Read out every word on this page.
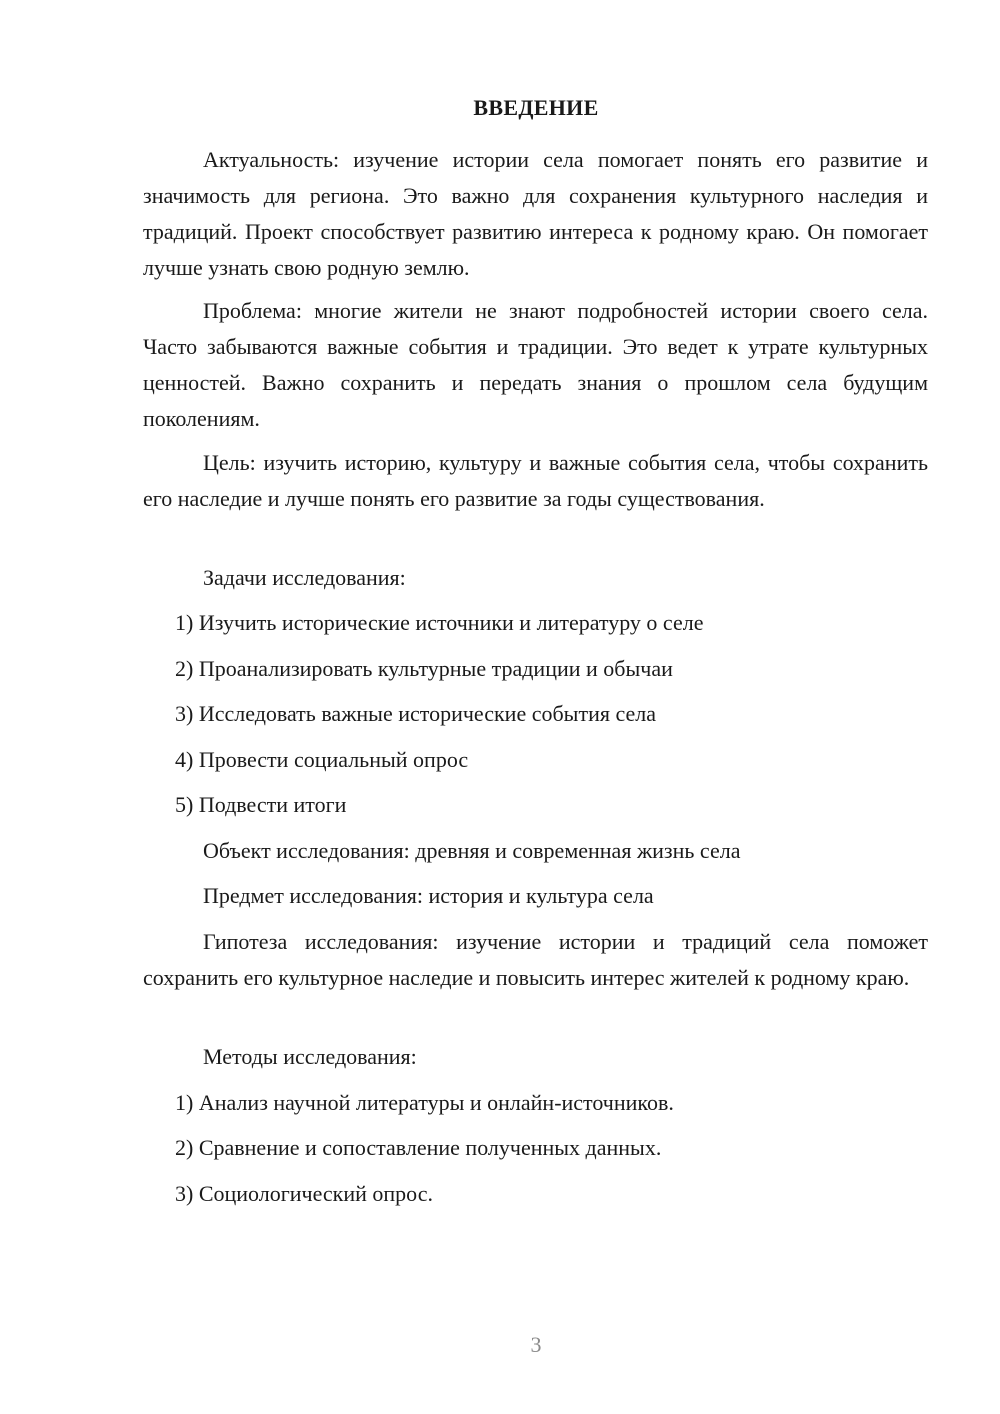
ВВЕДЕНИЕ

Актуальность: изучение истории села помогает понять его развитие и значимость для региона. Это важно для сохранения культурного наследия и традиций. Проект способствует развитию интереса к родному краю. Он помогает лучше узнать свою родную землю.

Проблема: многие жители не знают подробностей истории своего села. Часто забываются важные события и традиции. Это ведет к утрате культурных ценностей. Важно сохранить и передать знания о прошлом села будущим поколениям.

Цель: изучить историю, культуру и важные события села, чтобы сохранить его наследие и лучше понять его развитие за годы существования.

Задачи исследования:

1) Изучить исторические источники и литературу о селе

2) Проанализировать культурные традиции и обычаи

3) Исследовать важные исторические события села

4) Провести социальный опрос

5) Подвести итоги

Объект исследования: древняя и современная жизнь села

Предмет исследования: история и культура села

Гипотеза исследования: изучение истории и традиций села поможет сохранить его культурное наследие и повысить интерес жителей к родному краю.

Методы исследования:

1) Анализ научной литературы и онлайн-источников.

2) Сравнение и сопоставление полученных данных.

3) Социологический опрос.

3
